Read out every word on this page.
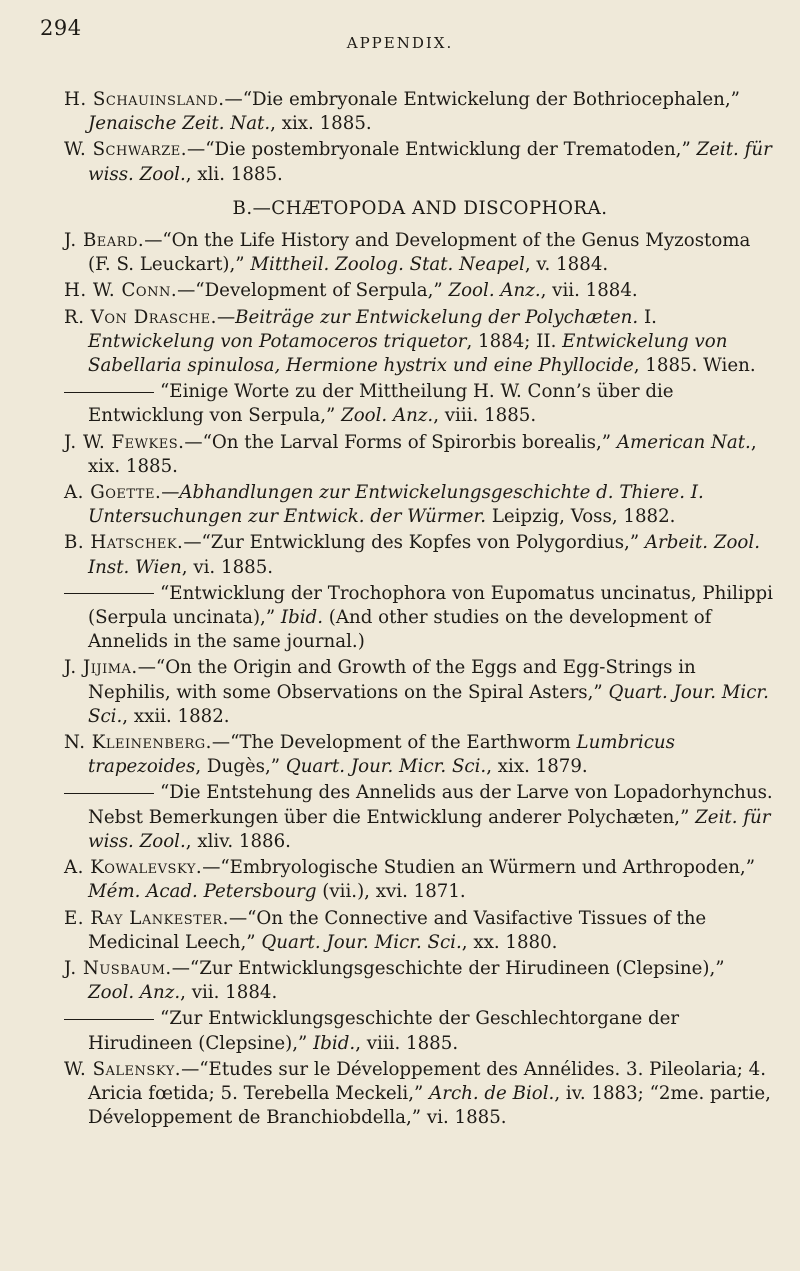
294
APPENDIX.
H. Schauinsland.—“Die embryonale Entwickelung der Bothriocephalen,” Jenaische Zeit. Nat., xix. 1885.
W. Schwarze.—“Die postembryonale Entwicklung der Trematoden,” Zeit. für wiss. Zool., xli. 1885.
B.—CHÆTOPODA AND DISCOPHORA.
J. Beard.—“On the Life History and Development of the Genus Myzostoma (F. S. Leuckart),” Mittheil. Zoolog. Stat. Neapel, v. 1884.
H. W. Conn.—“Development of Serpula,” Zool. Anz., vii. 1884.
R. Von Drasche.—Beiträge zur Entwickelung der Polychæten. I. Entwickelung von Potamoceros triquetor, 1884; II. Entwickelung von Sabellaria spinulosa, Hermione hystrix und eine Phyllocide, 1885. Wien.
“Einige Worte zu der Mittheilung H. W. Conn’s über die Entwicklung von Serpula,” Zool. Anz., viii. 1885.
J. W. Fewkes.—“On the Larval Forms of Spirorbis borealis,” American Nat., xix. 1885.
A. Goette.—Abhandlungen zur Entwickelungsgeschichte d. Thiere. I. Untersuchungen zur Entwick. der Würmer. Leipzig, Voss, 1882.
B. Hatschek.—“Zur Entwicklung des Kopfes von Polygordius,” Arbeit. Zool. Inst. Wien, vi. 1885.
“Entwicklung der Trochophora von Eupomatus uncinatus, Philippi (Serpula uncinata),” Ibid. (And other studies on the development of Annelids in the same journal.)
J. Jijima.—“On the Origin and Growth of the Eggs and Egg-Strings in Nephilis, with some Observations on the Spiral Asters,” Quart. Jour. Micr. Sci., xxii. 1882.
N. Kleinenberg.—“The Development of the Earthworm Lumbricus trapezoides, Dugès,” Quart. Jour. Micr. Sci., xix. 1879.
“Die Entstehung des Annelids aus der Larve von Lopadorhynchus. Nebst Bemerkungen über die Entwicklung anderer Polychæten,” Zeit. für wiss. Zool., xliv. 1886.
A. Kowalevsky.—“Embryologische Studien an Würmern und Arthropoden,” Mém. Acad. Petersbourg (vii.), xvi. 1871.
E. Ray Lankester.—“On the Connective and Vasifactive Tissues of the Medicinal Leech,” Quart. Jour. Micr. Sci., xx. 1880.
J. Nusbaum.—“Zur Entwicklungsgeschichte der Hirudineen (Clepsine),” Zool. Anz., vii. 1884.
“Zur Entwicklungsgeschichte der Geschlechtorgane der Hirudineen (Clepsine),” Ibid., viii. 1885.
W. Salensky.—“Etudes sur le Développement des Annélides. 3. Pileolaria; 4. Aricia fœtida; 5. Terebella Meckeli,” Arch. de Biol., iv. 1883; “2me. partie, Développement de Branchiobdella,” vi. 1885.
